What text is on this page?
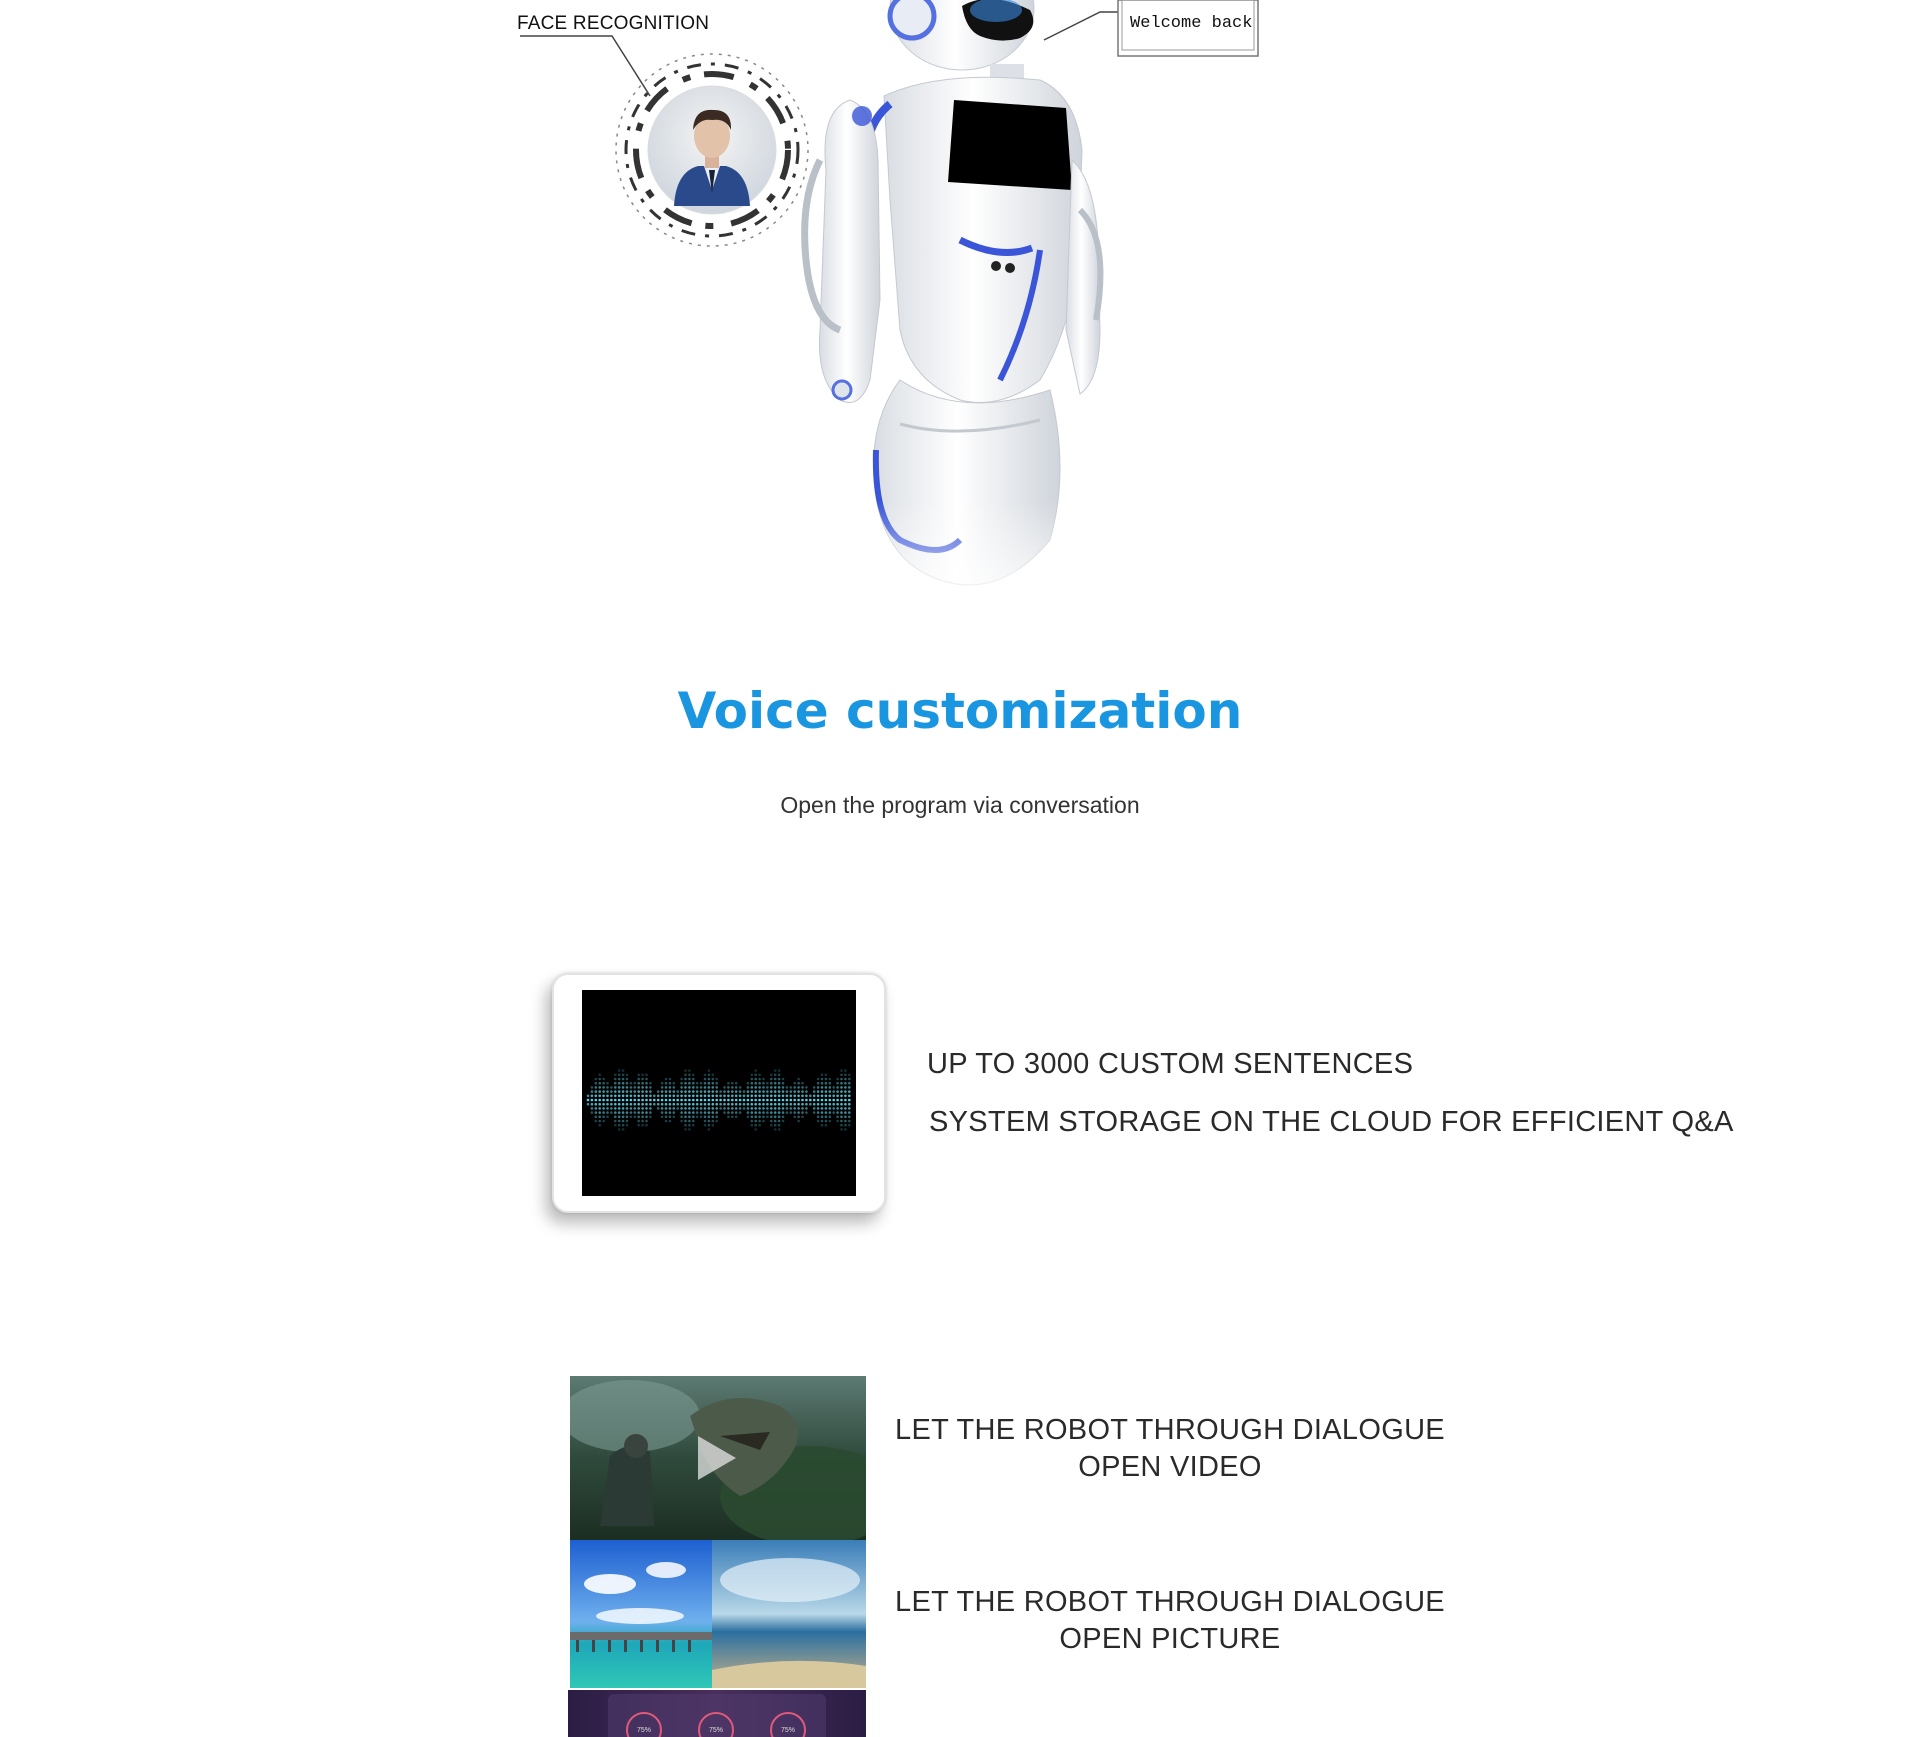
FACE RECOGNITION	Welcome back
Voice customization

Open the program via conversation

UP TO 3000 CUSTOM SENTENCES
SYSTEM STORAGE ON THE CLOUD FOR EFFICIENT Q&A
LET THE ROBOT THROUGH DIALOGUE
OPEN VIDEO
LET THE ROBOT THROUGH DIALOGUE
OPEN PICTURE
75%	75%	75%
